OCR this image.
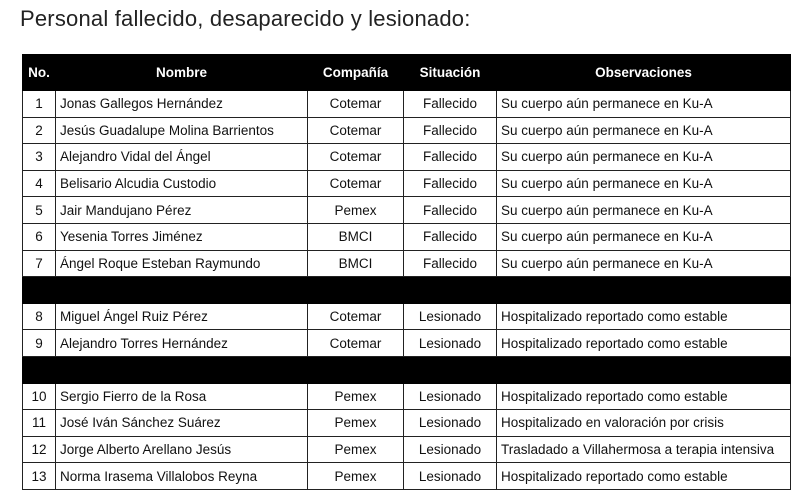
Personal fallecido, desaparecido y lesionado:
No.	Nombre	Compañía	Situación	Observaciones
1	Jonas Gallegos Hernández	Cotemar	Fallecido	Su cuerpo aún permanece en Ku-A
2	Jesús Guadalupe Molina Barrientos	Cotemar	Fallecido	Su cuerpo aún permanece en Ku-A
3	Alejandro Vidal del Ángel	Cotemar	Fallecido	Su cuerpo aún permanece en Ku-A
4	Belisario Alcudia Custodio	Cotemar	Fallecido	Su cuerpo aún permanece en Ku-A
5	Jair Mandujano Pérez	Pemex	Fallecido	Su cuerpo aún permanece en Ku-A
6	Yesenia Torres Jiménez	BMCI	Fallecido	Su cuerpo aún permanece en Ku-A
7	Ángel Roque Esteban Raymundo	BMCI	Fallecido	Su cuerpo aún permanece en Ku-A

8	Miguel Ángel Ruiz Pérez	Cotemar	Lesionado	Hospitalizado reportado como estable
9	Alejandro Torres Hernández	Cotemar	Lesionado	Hospitalizado reportado como estable

10	Sergio Fierro de la Rosa	Pemex	Lesionado	Hospitalizado reportado como estable
11	José Iván Sánchez Suárez	Pemex	Lesionado	Hospitalizado en valoración por crisis
12	Jorge Alberto Arellano Jesús	Pemex	Lesionado	Trasladado a Villahermosa a terapia intensiva
13	Norma Irasema Villalobos Reyna	Pemex	Lesionado	Hospitalizado reportado como estable
